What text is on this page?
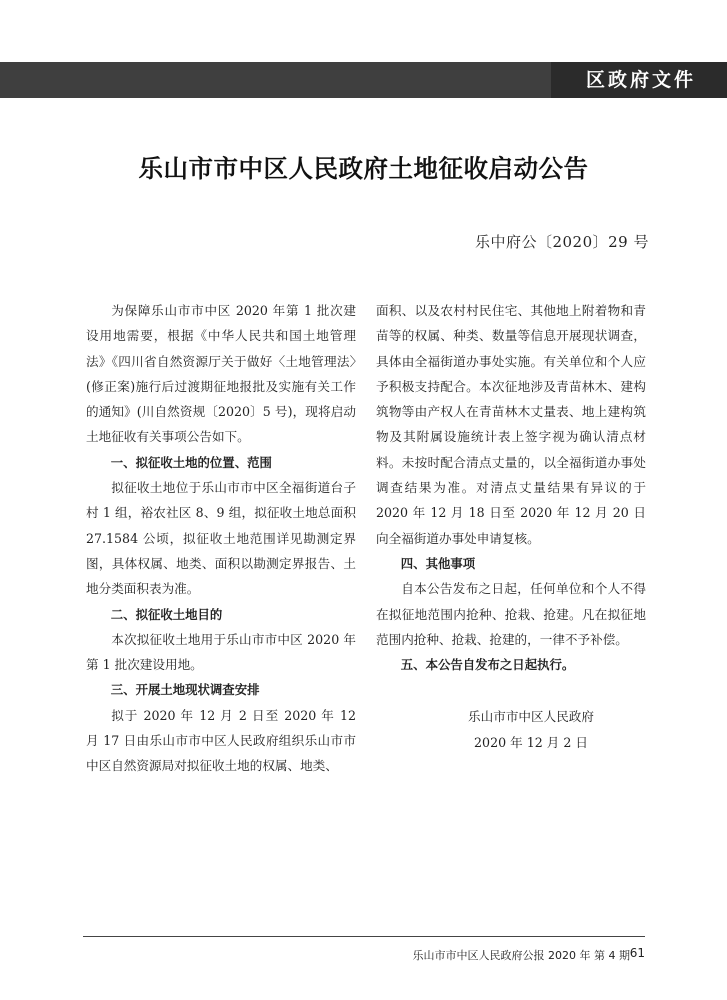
区政府文件
乐山市市中区人民政府土地征收启动公告
乐中府公〔2020〕29 号

为保障乐山市市中区 2020 年第 1 批次建设用地需要，根据《中华人民共和国土地管理法》《四川省自然资源厅关于做好〈土地管理法〉(修正案)施行后过渡期征地报批及实施有关工作的通知》(川自然资规〔2020〕5 号)，现将启动土地征收有关事项公告如下。

一、拟征收土地的位置、范围

拟征收土地位于乐山市市中区全福街道台子村 1 组，裕农社区 8、9 组，拟征收土地总面积 27.1584 公顷，拟征收土地范围详见勘测定界图，具体权属、地类、面积以勘测定界报告、土地分类面积表为准。

二、拟征收土地目的

本次拟征收土地用于乐山市市中区 2020 年第 1 批次建设用地。

三、开展土地现状调查安排

拟于 2020 年 12 月 2 日至 2020 年 12 月 17 日由乐山市市中区人民政府组织乐山市市中区自然资源局对拟征收土地的权属、地类、

面积、以及农村村民住宅、其他地上附着物和青苗等的权属、种类、数量等信息开展现状调查，具体由全福街道办事处实施。有关单位和个人应予积极支持配合。本次征地涉及青苗林木、建构筑物等由产权人在青苗林木丈量表、地上建构筑物及其附属设施统计表上签字视为确认清点材料。未按时配合清点丈量的，以全福街道办事处调查结果为准。对清点丈量结果有异议的于 2020 年 12 月 18 日至 2020 年 12 月 20 日向全福街道办事处申请复核。

四、其他事项

自本公告发布之日起，任何单位和个人不得在拟征地范围内抢种、抢栽、抢建。凡在拟征地范围内抢种、抢栽、抢建的，一律不予补偿。

五、本公告自发布之日起执行。

乐山市市中区人民政府

2020 年 12 月 2 日

乐山市市中区人民政府公报 2020 年 第 4 期 61
